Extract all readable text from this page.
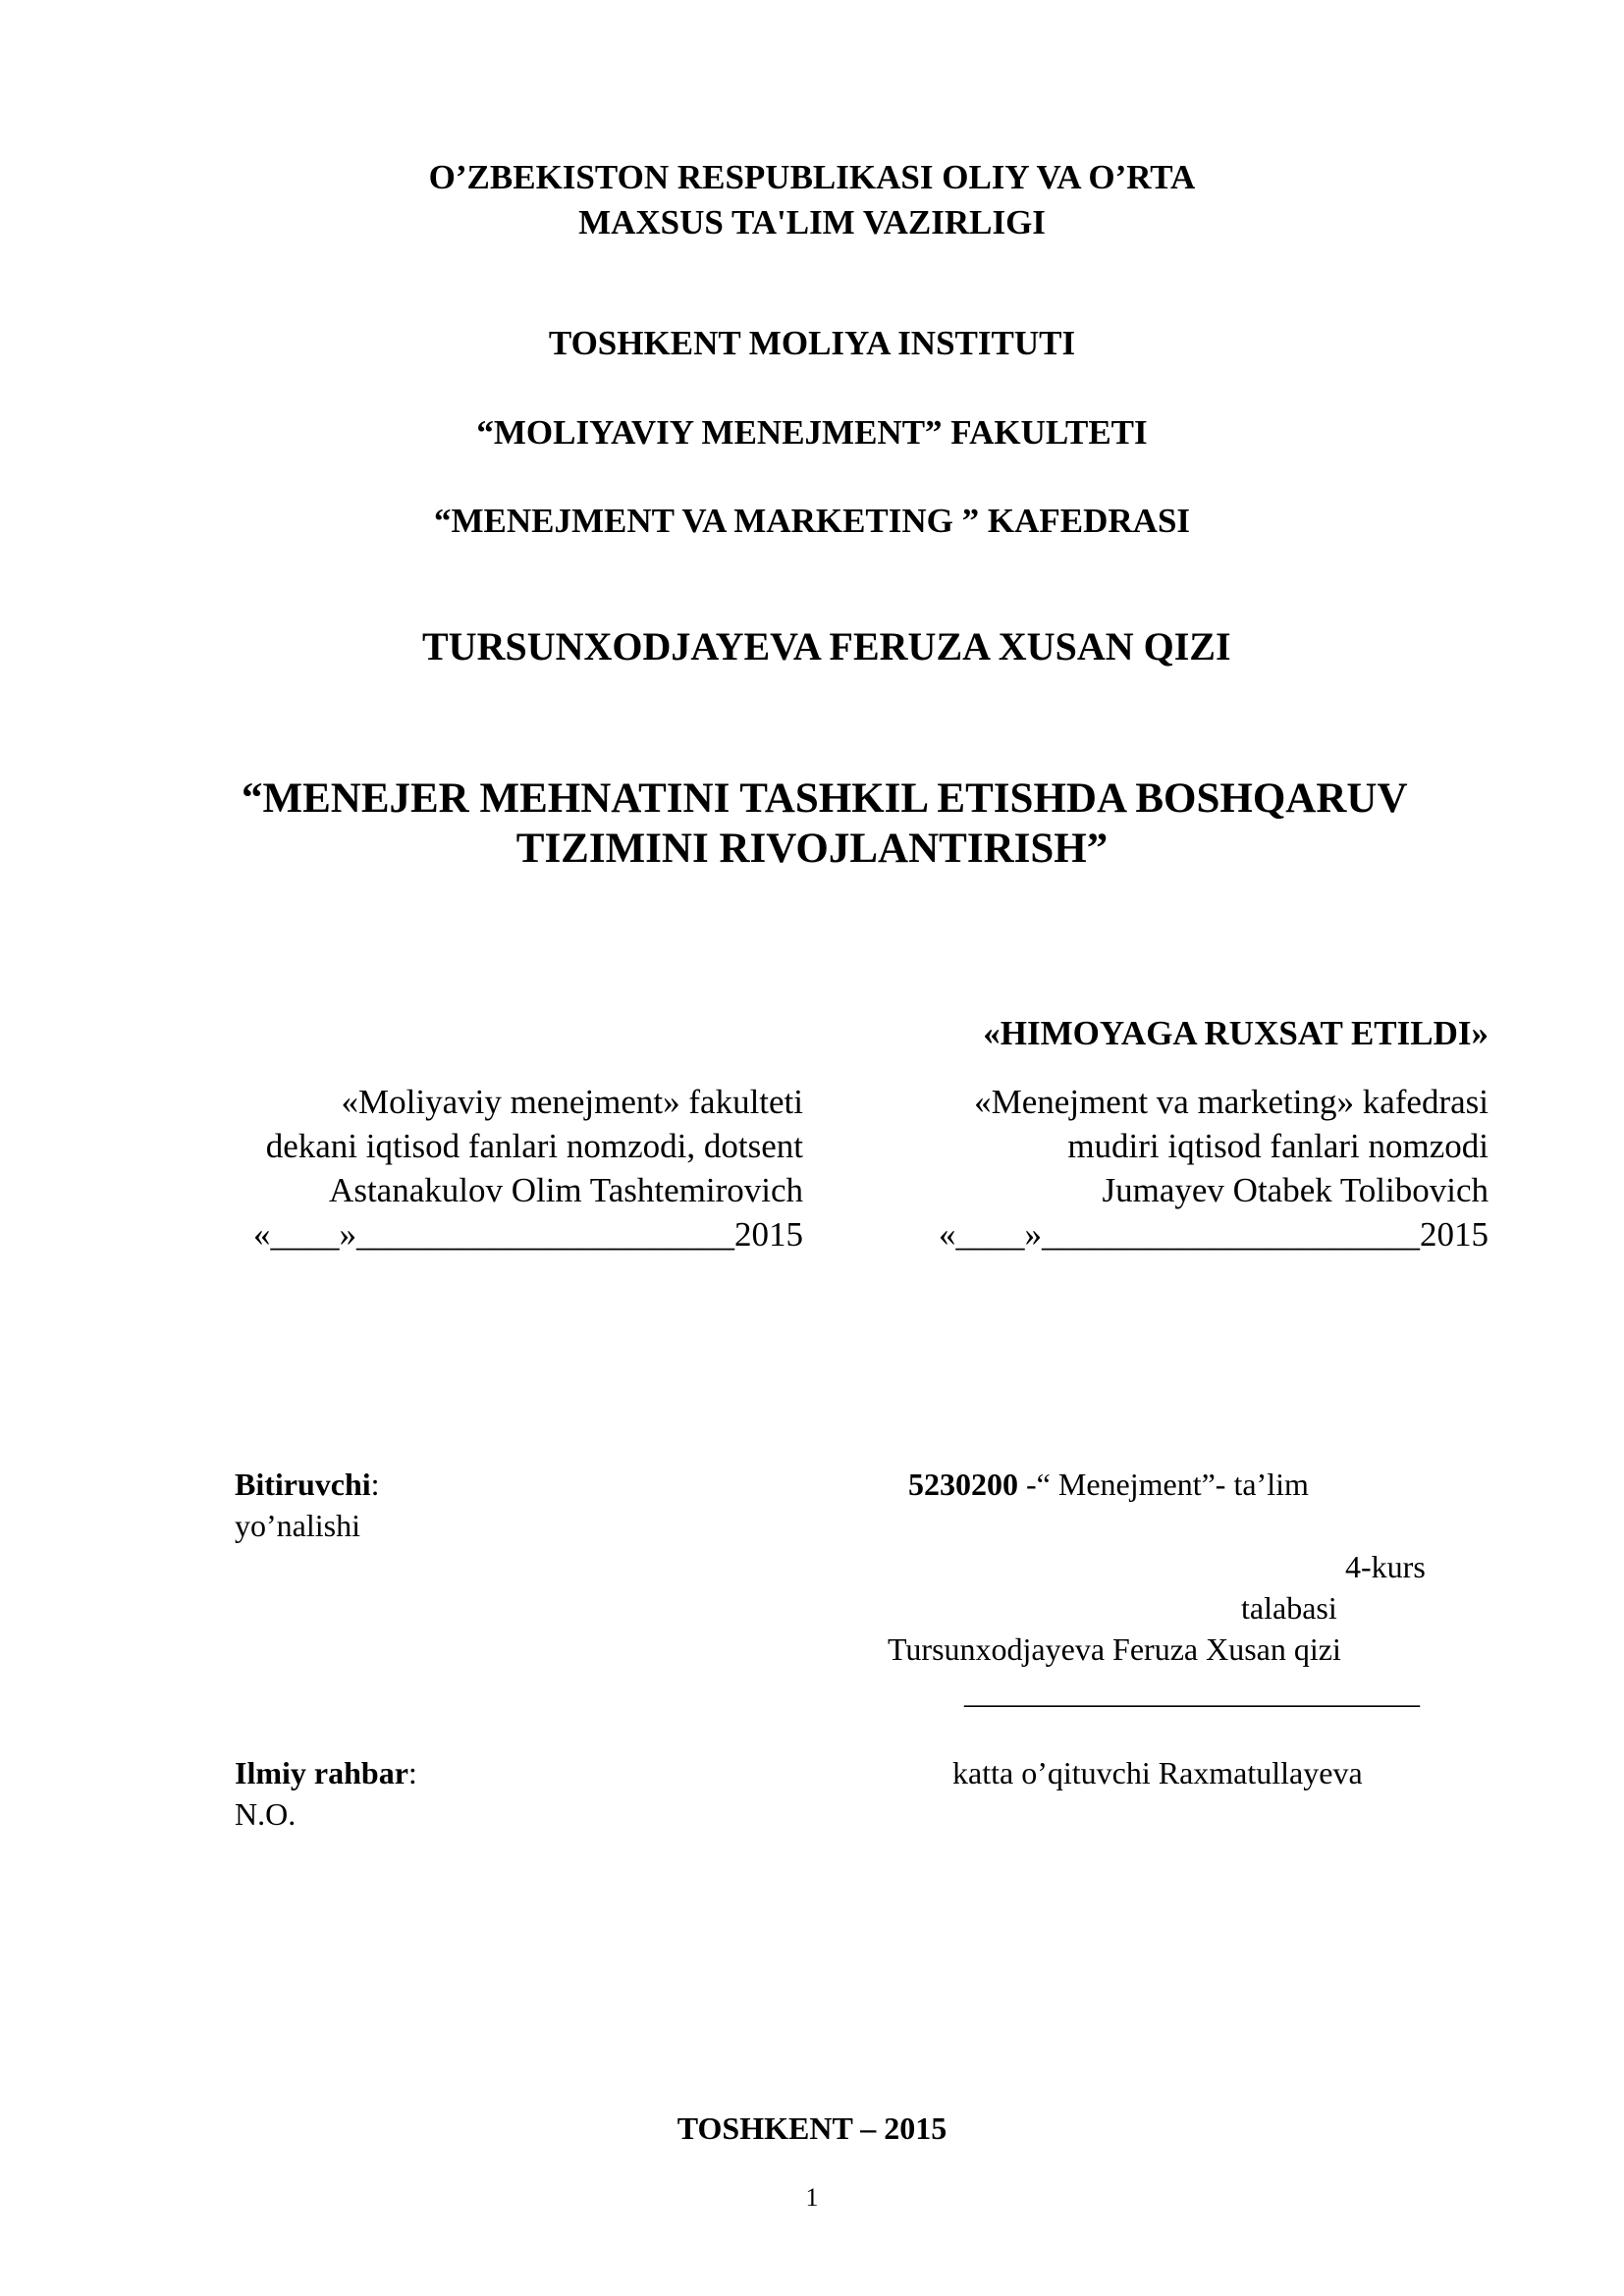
O’ZBEKISTON RESPUBLIKASI OLIY VA O’RTA
MAXSUS TA'LIM VAZIRLIGI
TOSHKENT MOLIYA INSTITUTI
“MOLIYAVIY MENEJMENT” FAKULTETI
“MENEJMENT VA MARKETING ” KAFEDRASI
TURSUNXODJAYEVA FERUZA XUSAN QIZI
“MENEJER MEHNATINI TASHKIL ETISHDA BOSHQARUV
TIZIMINI RIVOJLANTIRISH”
«HIMOYAGA RUXSAT ETILDI»
«Moliyaviy menejment» fakulteti
dekani iqtisod fanlari nomzodi, dotsent
Astanakulov Olim Tashtemirovich
«____»______________________2015
«Menejment va marketing» kafedrasi
mudiri iqtisod fanlari nomzodi
Jumayev Otabek Tolibovich
«____»______________________2015
Bitiruvchi:	5230200 -“ Menejment”- ta’lim
yo’nalishi
4-kurs
talabasi
Tursunxodjayeva Feruza Xusan qizi
_____________________________
Ilmiy rahbar:	katta o’qituvchi Raxmatullayeva
N.O.
TOSHKENT – 2015
1
